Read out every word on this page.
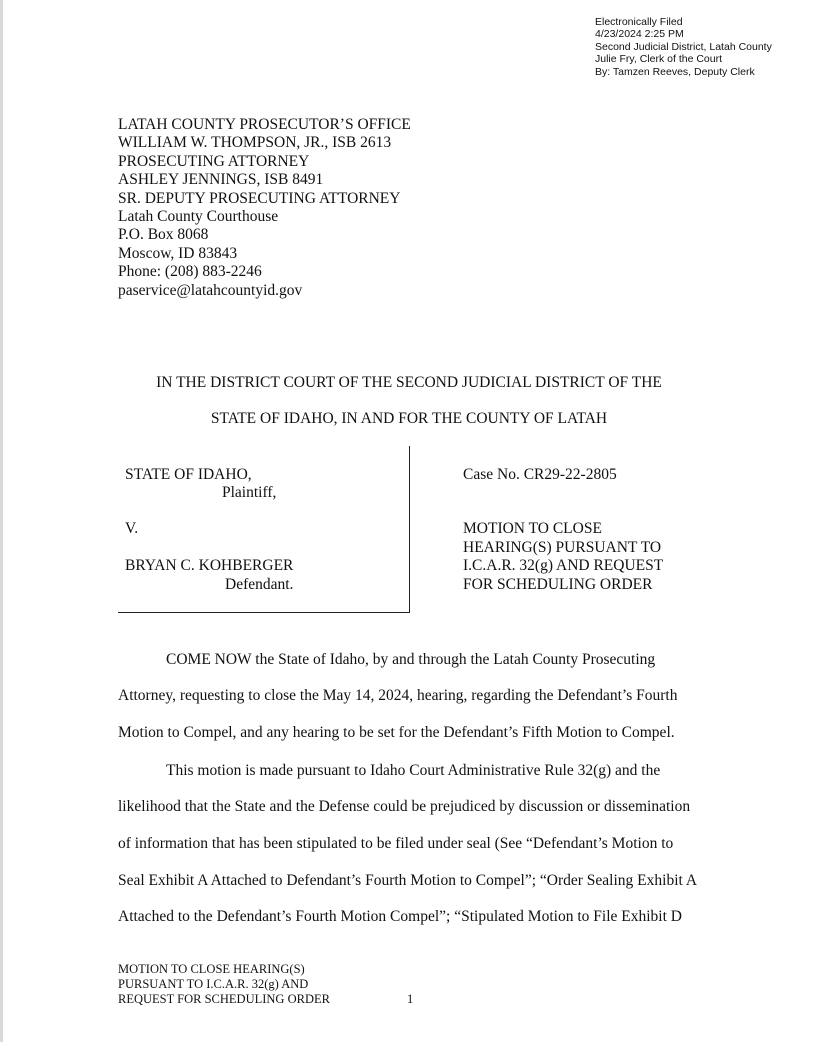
Electronically Filed
4/23/2024 2:25 PM
Second Judicial District, Latah County
Julie Fry, Clerk of the Court
By: Tamzen Reeves, Deputy Clerk
LATAH COUNTY PROSECUTOR’S OFFICE
WILLIAM W. THOMPSON, JR., ISB 2613
PROSECUTING ATTORNEY
ASHLEY JENNINGS, ISB 8491
SR. DEPUTY PROSECUTING ATTORNEY
Latah County Courthouse
P.O. Box 8068
Moscow, ID 83843
Phone: (208) 883-2246
paservice@latahcountyid.gov
IN THE DISTRICT COURT OF THE SECOND JUDICIAL DISTRICT OF THE
STATE OF IDAHO, IN AND FOR THE COUNTY OF LATAH
STATE OF IDAHO,
Plaintiff,
V.
BRYAN C. KOHBERGER
Defendant.
Case No. CR29-22-2805
MOTION TO CLOSE
HEARING(S) PURSUANT TO
I.C.A.R. 32(g) AND REQUEST
FOR SCHEDULING ORDER
COME NOW the State of Idaho, by and through the Latah County Prosecuting
Attorney, requesting to close the May 14, 2024, hearing, regarding the Defendant’s Fourth
Motion to Compel, and any hearing to be set for the Defendant’s Fifth Motion to Compel.
This motion is made pursuant to Idaho Court Administrative Rule 32(g) and the
likelihood that the State and the Defense could be prejudiced by discussion or dissemination
of information that has been stipulated to be filed under seal (See “Defendant’s Motion to
Seal Exhibit A Attached to Defendant’s Fourth Motion to Compel”; “Order Sealing Exhibit A
Attached to the Defendant’s Fourth Motion Compel”; “Stipulated Motion to File Exhibit D
MOTION TO CLOSE HEARING(S)
PURSUANT TO I.C.A.R. 32(g) AND
REQUEST FOR SCHEDULING ORDER	1
